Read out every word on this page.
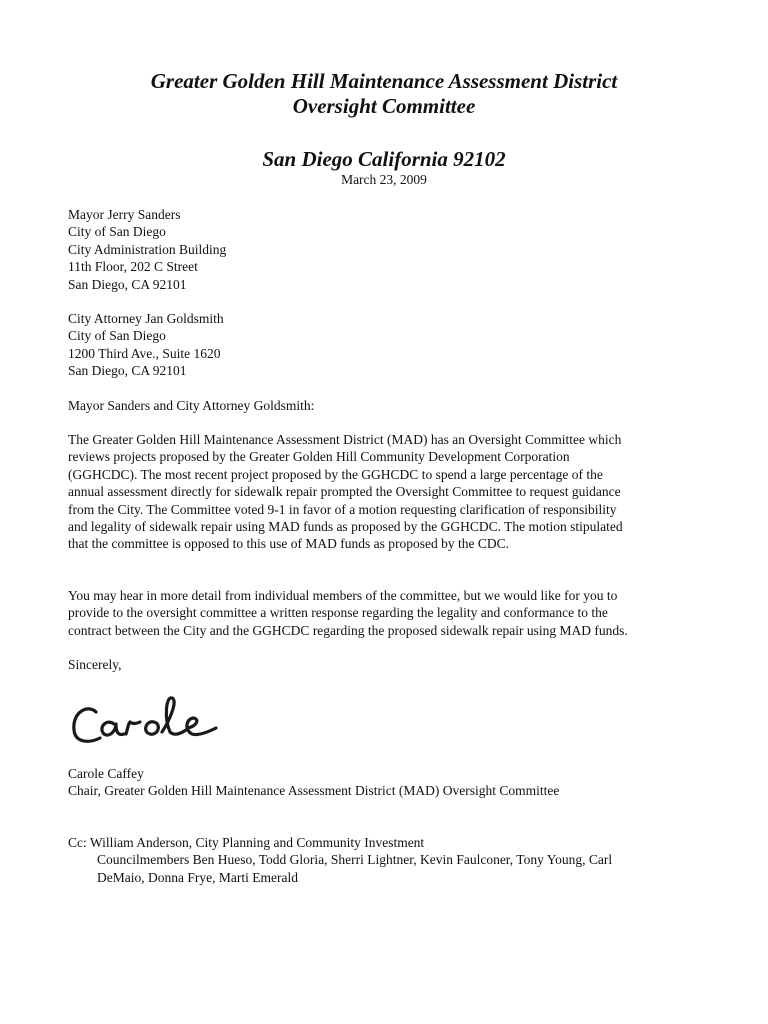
Greater Golden Hill Maintenance Assessment District
Oversight Committee
San Diego California 92102
March 23, 2009
Mayor Jerry Sanders
City of San Diego
City Administration Building
11th Floor, 202 C Street
San Diego, CA 92101
City Attorney Jan Goldsmith
City of San Diego
1200 Third Ave., Suite 1620
San Diego, CA 92101
Mayor Sanders and City Attorney Goldsmith:
The Greater Golden Hill Maintenance Assessment District (MAD) has an Oversight Committee which
reviews projects proposed by the Greater Golden Hill Community Development Corporation
(GGHCDC). The most recent project proposed by the GGHCDC to spend a large percentage of the
annual assessment directly for sidewalk repair prompted the Oversight Committee to request guidance
from the City. The Committee voted 9-1 in favor of a motion requesting clarification of responsibility
and legality of sidewalk repair using MAD funds as proposed by the GGHCDC. The motion stipulated
that the committee is opposed to this use of MAD funds as proposed by the CDC.
You may hear in more detail from individual members of the committee, but we would like for you to
provide to the oversight committee a written response regarding the legality and conformance to the
contract between the City and the GGHCDC regarding the proposed sidewalk repair using MAD funds.
Sincerely,
Carole Caffey
Chair, Greater Golden Hill Maintenance Assessment District (MAD) Oversight Committee
Cc: William Anderson, City Planning and Community Investment
Councilmembers Ben Hueso, Todd Gloria, Sherri Lightner, Kevin Faulconer, Tony Young, Carl
DeMaio, Donna Frye, Marti Emerald
